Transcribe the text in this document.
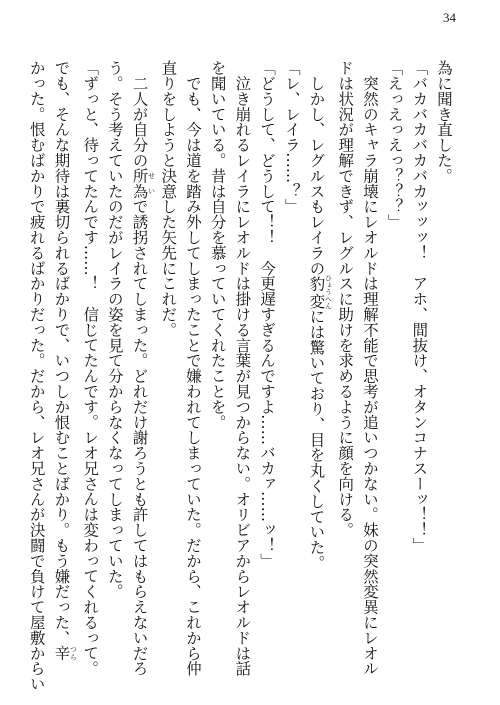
34
為に聞き直した。
「バカバカバカバカッッッ！　アホ、間抜け、オタンコナスーッ！！」
「えっえっえっ？？？」
　突然のキャラ崩壊にレオルドは理解不能で思考が追いつかない。妹の突然変異にレオル
ドは状況が理解できず、レグルスに助けを求めるように顔を向ける。
　しかし、レグルスもレイラの豹変 ひょうへんには驚いており、目を丸くしていた。
「レ、レイラ……？」
「どうして、どうして！！　今更遅すぎるんですよ……バカァ……ッ！」
　泣き崩れるレイラにレオルドは掛ける言葉が見つからない。オリビアからレオルドは話
を聞いている。昔は自分を慕っていてくれたことを。
　でも、今は道を踏み外してしまったことで嫌われてしまっていた。だから、これから仲
直りをしようと決意した矢先にこれだ。
　二人が自分の所為 せいで誘拐されてしまった。どれだけ謝ろうとも許してはもらえないだろ
う。そう考えていたのだがレイラの姿を見て分からなくなってしまっていた。
「ずっと、待ってたんです……！　信じてたんです。レオ兄さんは変わってくれるって。
でも、そんな期待は裏切られるばかりで、いつしか恨むことばかり。もう嫌だった、辛 つら
かった。恨むばかりで疲れるばかりだった。だから、レオ兄さんが決闘で負けて屋敷からい
